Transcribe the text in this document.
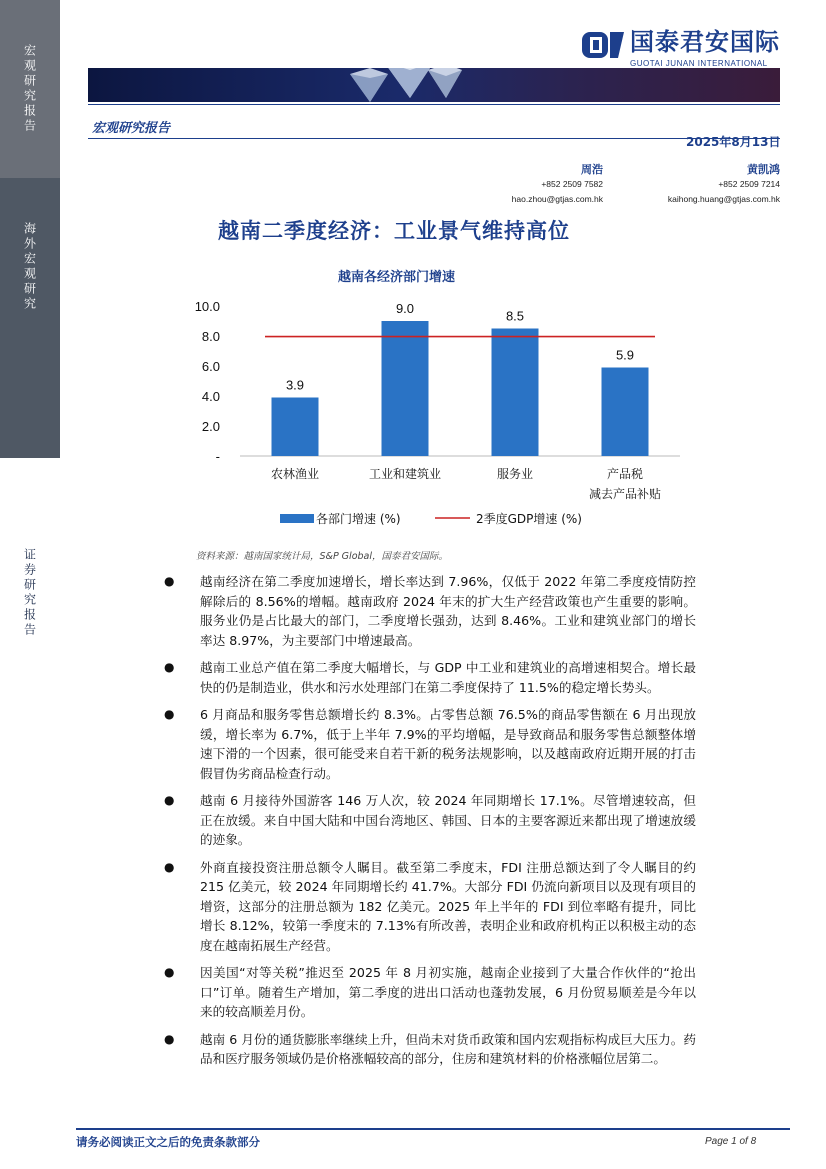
宏观研究报告
海外宏观研究
证券研究报告
国泰君安国际
GUOTAI JUNAN INTERNATIONAL
宏观研究报告
2025年8月13日
周浩
+852 2509 7582
hao.zhou@gtjas.com.hk
黄凯鸿
+852 2509 7214
kaihong.huang@gtjas.com.hk
越南二季度经济：工业景气维持高位
越南各经济部门增速
-
2.0
4.0
6.0
8.0
10.0
3.9
农林渔业
9.0
工业和建筑业
8.5
服务业
5.9
产品税
减去产品补贴
各部门增速 (%)	2季度GDP增速 (%)
资料来源：越南国家统计局，S&P Global，国泰君安国际。
● 越南经济在第二季度加速增长，增长率达到 7.96%，仅低于 2022 年第二季度疫情防控解除后的 8.56%的增幅。越南政府 2024 年末的扩大生产经营政策也产生重要的影响。服务业仍是占比最大的部门，二季度增长强劲，达到 8.46%。工业和建筑业部门的增长率达 8.97%，为主要部门中增速最高。
● 越南工业总产值在第二季度大幅增长，与 GDP 中工业和建筑业的高增速相契合。增长最快的仍是制造业，供水和污水处理部门在第二季度保持了 11.5%的稳定增长势头。
● 6 月商品和服务零售总额增长约 8.3%。占零售总额 76.5%的商品零售额在 6 月出现放缓，增长率为 6.7%，低于上半年 7.9%的平均增幅，是导致商品和服务零售总额整体增速下滑的一个因素，很可能受来自若干新的税务法规影响，以及越南政府近期开展的打击假冒伪劣商品检查行动。
● 越南 6 月接待外国游客 146 万人次，较 2024 年同期增长 17.1%。尽管增速较高，但正在放缓。来自中国大陆和中国台湾地区、韩国、日本的主要客源近来都出现了增速放缓的迹象。
● 外商直接投资注册总额令人瞩目。截至第二季度末，FDI 注册总额达到了令人瞩目的约 215 亿美元，较 2024 年同期增长约 41.7%。大部分 FDI 仍流向新项目以及现有项目的增资，这部分的注册总额为 182 亿美元。2025 年上半年的 FDI 到位率略有提升，同比增长 8.12%，较第一季度末的 7.13%有所改善，表明企业和政府机构正以积极主动的态度在越南拓展生产经营。
● 因美国“对等关税”推迟至 2025 年 8 月初实施，越南企业接到了大量合作伙伴的“抢出口”订单。随着生产增加，第二季度的进出口活动也蓬勃发展，6 月份贸易顺差是今年以来的较高顺差月份。
● 越南 6 月份的通货膨胀率继续上升，但尚未对货币政策和国内宏观指标构成巨大压力。药品和医疗服务领域仍是价格涨幅较高的部分，住房和建筑材料的价格涨幅位居第二。
请务必阅读正文之后的免责条款部分	Page 1 of 8
